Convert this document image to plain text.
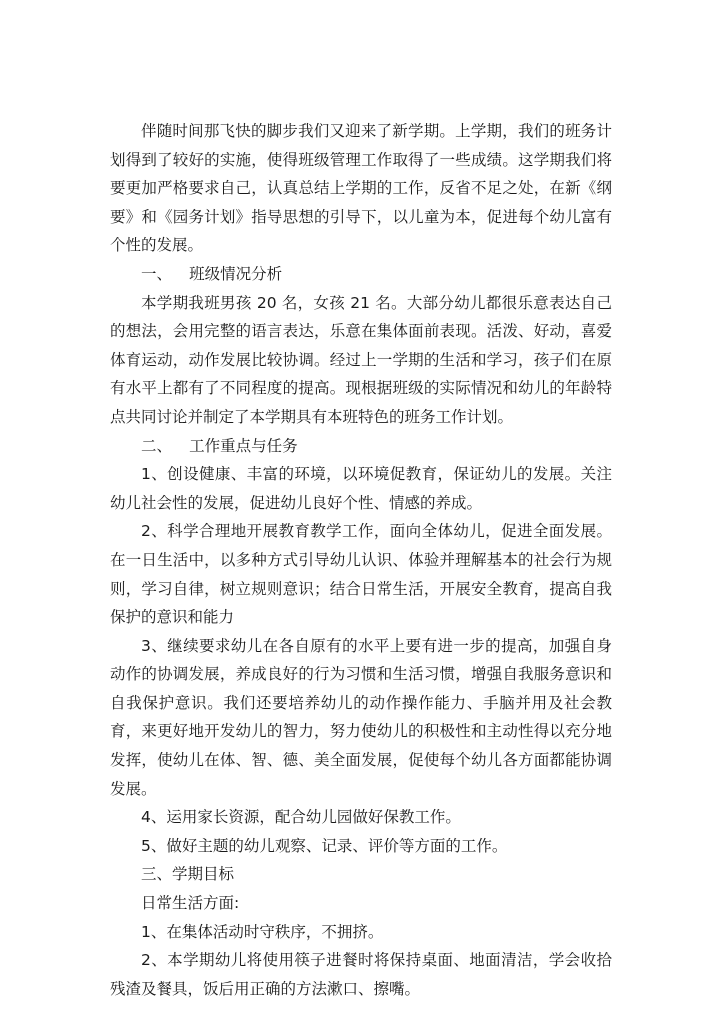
伴随时间那飞快的脚步我们又迎来了新学期。上学期，我们的班务计划得到了较好的实施，使得班级管理工作取得了一些成绩。这学期我们将要更加严格要求自己，认真总结上学期的工作，反省不足之处，在新《纲要》和《园务计划》指导思想的引导下，以儿童为本，促进每个幼儿富有个性的发展。

一、 班级情况分析

本学期我班男孩 20 名，女孩 21 名。大部分幼儿都很乐意表达自己的想法，会用完整的语言表达，乐意在集体面前表现。活泼、好动，喜爱体育运动，动作发展比较协调。经过上一学期的生活和学习，孩子们在原有水平上都有了不同程度的提高。现根据班级的实际情况和幼儿的年龄特点共同讨论并制定了本学期具有本班特色的班务工作计划。

二、 工作重点与任务

1、创设健康、丰富的环境，以环境促教育，保证幼儿的发展。关注幼儿社会性的发展，促进幼儿良好个性、情感的养成。

2、科学合理地开展教育教学工作，面向全体幼儿，促进全面发展。在一日生活中，以多种方式引导幼儿认识、体验并理解基本的社会行为规则，学习自律，树立规则意识；结合日常生活，开展安全教育，提高自我保护的意识和能力

3、继续要求幼儿在各自原有的水平上要有进一步的提高，加强自身动作的协调发展，养成良好的行为习惯和生活习惯，增强自我服务意识和自我保护意识。我们还要培养幼儿的动作操作能力、手脑并用及社会教育，来更好地开发幼儿的智力，努力使幼儿的积极性和主动性得以充分地发挥，使幼儿在体、智、德、美全面发展，促使每个幼儿各方面都能协调发展。

4、运用家长资源，配合幼儿园做好保教工作。

5、做好主题的幼儿观察、记录、评价等方面的工作。

三、学期目标

日常生活方面:

1、在集体活动时守秩序，不拥挤。

2、本学期幼儿将使用筷子进餐时将保持桌面、地面清洁，学会收拾残渣及餐具，饭后用正确的方法漱口、擦嘴。
